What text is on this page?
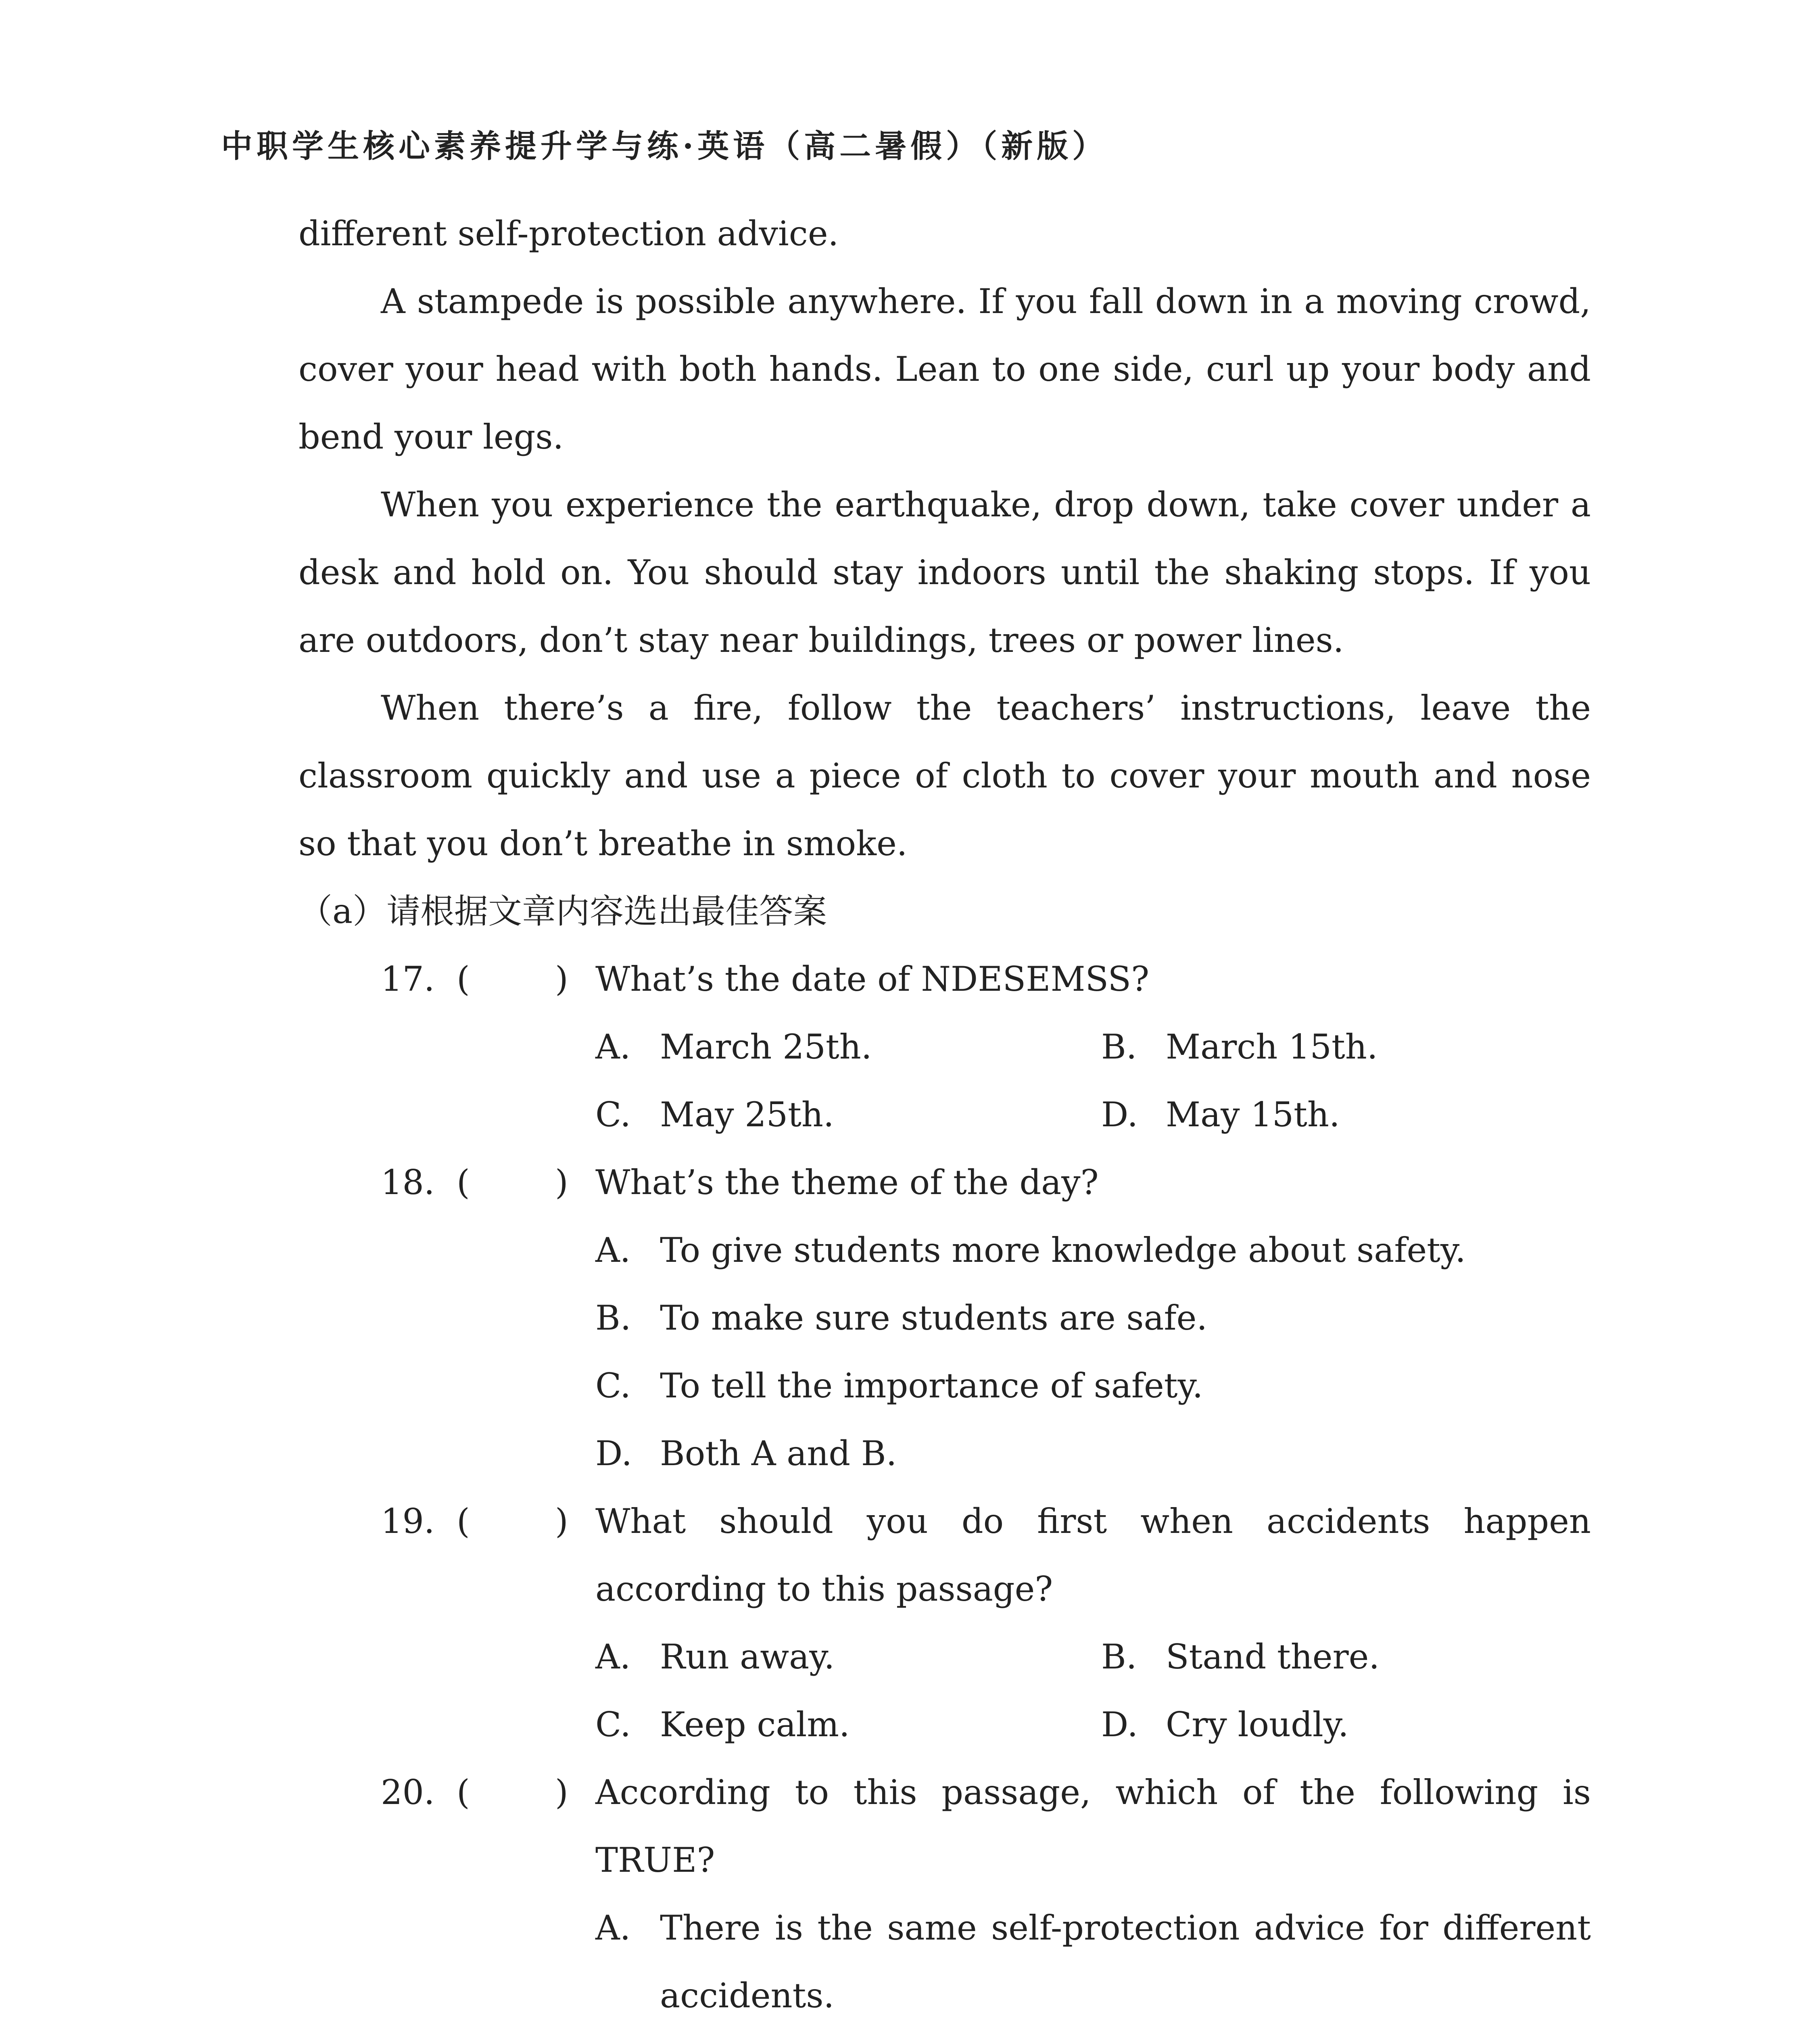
中职学生核心素养提升学与练·英语（高二暑假）（新版）

different self-protection advice.

A stampede is possible anywhere. If you fall down in a moving crowd, cover your head with both hands. Lean to one side, curl up your body and bend your legs.

When you experience the earthquake, drop down, take cover under a desk and hold on. You should stay indoors until the shaking stops. If you are outdoors, don’t stay near buildings, trees or power lines.

When there’s a fire, follow the teachers’ instructions, leave the classroom quickly and use a piece of cloth to cover your mouth and nose so that you don’t breathe in smoke.

（a）请根据文章内容选出最佳答案

17. (	) What’s the date of NDESEMSS?

A. March 25th.	B. March 15th.
C. May 25th.	D. May 15th.

18. (	) What’s the theme of the day?

A. To give students more knowledge about safety.

B. To make sure students are safe.

C. To tell the importance of safety.

D. Both A and B.

19. (	) What should you do first when accidents happen according to this passage?

A. Run away.	B. Stand there.
C. Keep calm.	D. Cry loudly.

20. (	) According to this passage, which of the following is TRUE?

A. There is the same self-protection advice for different accidents.
